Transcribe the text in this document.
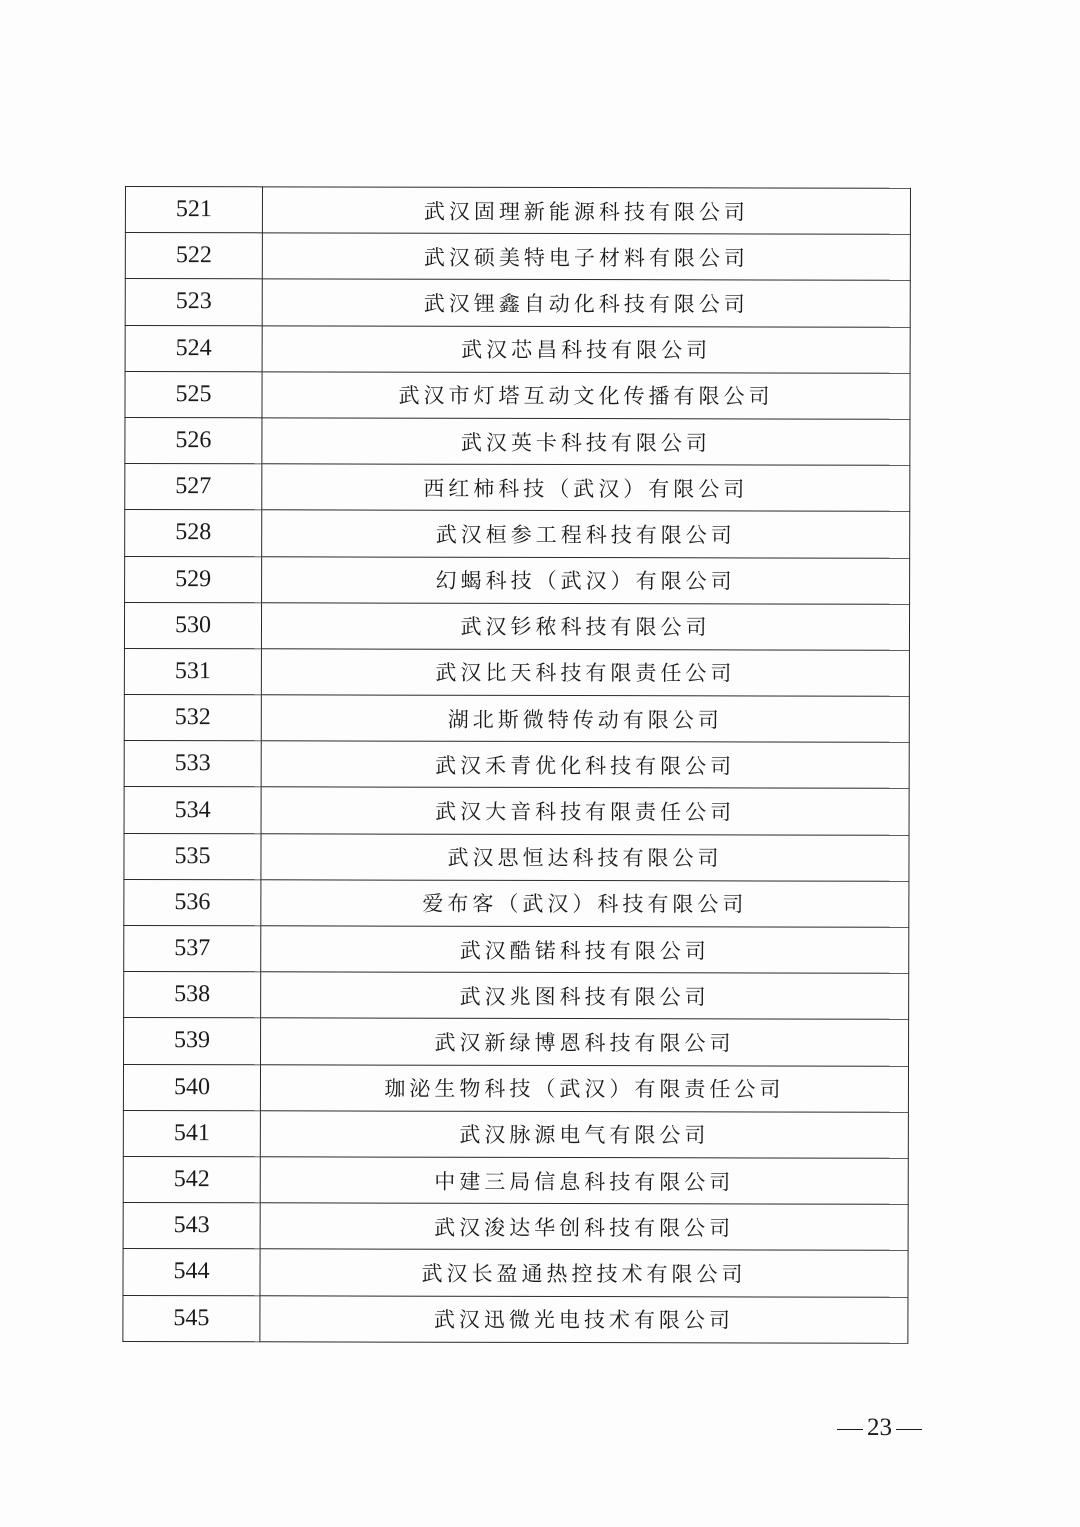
521	武汉固理新能源科技有限公司
522	武汉硕美特电子材料有限公司
523	武汉锂鑫自动化科技有限公司
524	武汉芯昌科技有限公司
525	武汉市灯塔互动文化传播有限公司
526	武汉英卡科技有限公司
527	西红柿科技（武汉）有限公司
528	武汉桓参工程科技有限公司
529	幻蝎科技（武汉）有限公司
530	武汉钐秾科技有限公司
531	武汉比天科技有限责任公司
532	湖北斯微特传动有限公司
533	武汉禾青优化科技有限公司
534	武汉大音科技有限责任公司
535	武汉思恒达科技有限公司
536	爱布客（武汉）科技有限公司
537	武汉酷锘科技有限公司
538	武汉兆图科技有限公司
539	武汉新绿博恩科技有限公司
540	珈泌生物科技（武汉）有限责任公司
541	武汉脉源电气有限公司
542	中建三局信息科技有限公司
543	武汉浚达华创科技有限公司
544	武汉长盈通热控技术有限公司
545	武汉迅微光电技术有限公司
23
